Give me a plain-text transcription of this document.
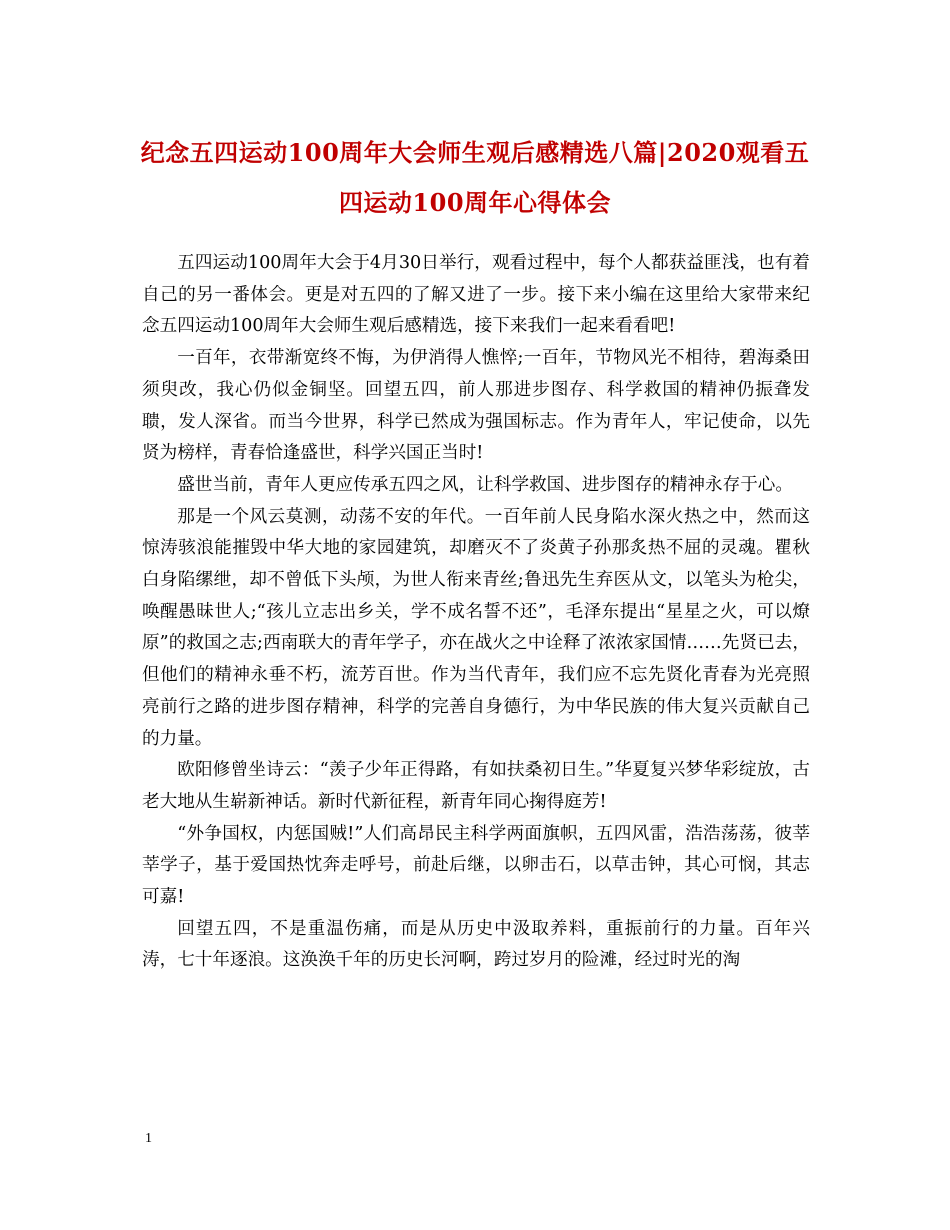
纪念五四运动100周年大会师生观后感精选八篇|2020观看五四运动100周年心得体会

五四运动100周年大会于4月30日举行，观看过程中，每个人都获益匪浅，也有着自己的另一番体会。更是对五四的了解又进了一步。接下来小编在这里给大家带来纪念五四运动100周年大会师生观后感精选，接下来我们一起来看看吧!

一百年，衣带渐宽终不悔，为伊消得人憔悴;一百年，节物风光不相待，碧海桑田须臾改，我心仍似金铜坚。回望五四，前人那进步图存、科学救国的精神仍振聋发聩，发人深省。而当今世界，科学已然成为强国标志。作为青年人，牢记使命，以先贤为榜样，青春恰逢盛世，科学兴国正当时!

盛世当前，青年人更应传承五四之风，让科学救国、进步图存的精神永存于心。

那是一个风云莫测，动荡不安的年代。一百年前人民身陷水深火热之中，然而这惊涛骇浪能摧毁中华大地的家园建筑，却磨灭不了炎黄子孙那炙热不屈的灵魂。瞿秋白身陷缧绁，却不曾低下头颅，为世人衔来青丝;鲁迅先生弃医从文，以笔头为枪尖，唤醒愚昧世人;“孩儿立志出乡关，学不成名誓不还”，毛泽东提出“星星之火，可以燎原”的救国之志;西南联大的青年学子，亦在战火之中诠释了浓浓家国情……先贤已去，但他们的精神永垂不朽，流芳百世。作为当代青年，我们应不忘先贤化青春为光亮照亮前行之路的进步图存精神，科学的完善自身德行，为中华民族的伟大复兴贡献自己的力量。

欧阳修曾坐诗云：“羡子少年正得路，有如扶桑初日生。”华夏复兴梦华彩绽放，古老大地从生崭新神话。新时代新征程，新青年同心掬得庭芳!

“外争国权，内惩国贼!”人们高昂民主科学两面旗帜，五四风雷，浩浩荡荡，彼莘莘学子，基于爱国热忱奔走呼号，前赴后继，以卵击石，以草击钟，其心可悯，其志可嘉!

回望五四，不是重温伤痛，而是从历史中汲取养料，重振前行的力量。百年兴涛，七十年逐浪。这涣涣千年的历史长河啊，跨过岁月的险滩，经过时光的淘

1
